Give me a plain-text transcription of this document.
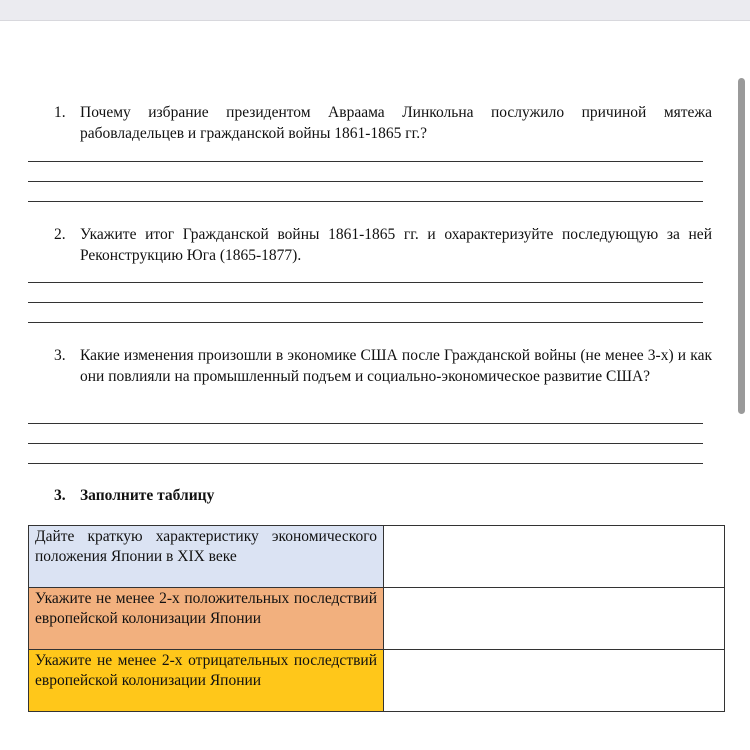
1. Почему избрание президентом Авраама Линкольна послужило причиной мятежа рабовладельцев и гражданской войны 1861-1865 гг.?
2. Укажите итог Гражданской войны 1861-1865 гг. и охарактеризуйте последующую за ней Реконструкцию Юга (1865-1877).
3. Какие изменения произошли в экономике США после Гражданской войны (не менее 3-х) и как они повлияли на промышленный подъем и социально-экономическое развитие США?
3. Заполните таблицу
Дайте краткую характеристику экономического положения Японии в XIX веке	
Укажите не менее 2-х положительных последствий европейской колонизации Японии	
Укажите не менее 2-х отрицательных последствий европейской колонизации Японии	
